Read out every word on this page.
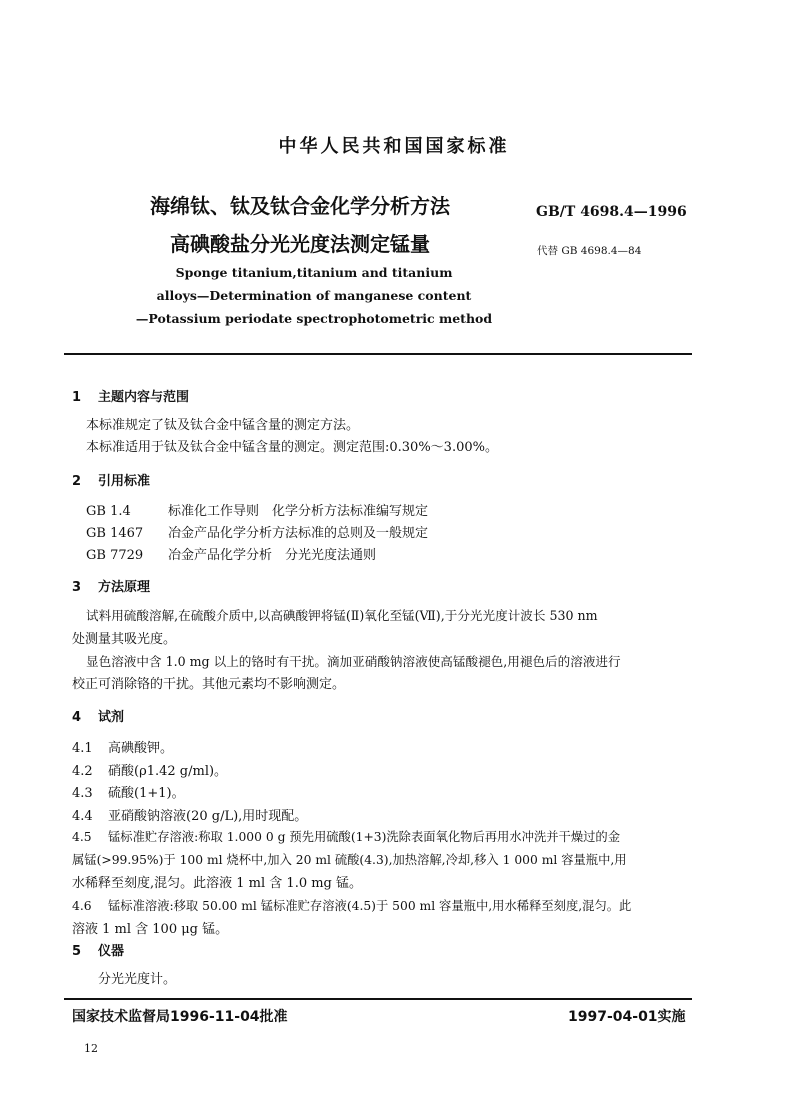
中华人民共和国国家标准
海绵钛、钛及钛合金化学分析方法
高碘酸盐分光光度法测定锰量
GB/T 4698.4—1996
代替 GB 4698.4—84
Sponge titanium,titanium and titanium
alloys—Determination of manganese content
—Potassium periodate spectrophotometric method
1 主题内容与范围
本标准规定了钛及钛合金中锰含量的测定方法。
本标准适用于钛及钛合金中锰含量的测定。测定范围:0.30%～3.00%。
2 引用标准
GB 1.4	标准化工作导则　化学分析方法标准编写规定
GB 1467 冶金产品化学分析方法标准的总则及一般规定
GB 7729 冶金产品化学分析　分光光度法通则
3 方法原理
试料用硫酸溶解,在硫酸介质中,以高碘酸钾将锰(Ⅱ)氧化至锰(Ⅶ),于分光光度计波长 530 nm
处测量其吸光度。
显色溶液中含 1.0 mg 以上的铬时有干扰。滴加亚硝酸钠溶液使高锰酸褪色,用褪色后的溶液进行
校正可消除铬的干扰。其他元素均不影响测定。
4 试剂
4.1 高碘酸钾。
4.2 硝酸(ρ1.42 g/ml)。
4.3 硫酸(1+1)。
4.4 亚硝酸钠溶液(20 g/L),用时现配。
4.5 锰标准贮存溶液:称取 1.000 0 g 预先用硫酸(1+3)洗除表面氧化物后再用水冲洗并干燥过的金
属锰(>99.95%)于 100 ml 烧杯中,加入 20 ml 硫酸(4.3),加热溶解,冷却,移入 1 000 ml 容量瓶中,用
水稀释至刻度,混匀。此溶液 1 ml 含 1.0 mg 锰。
4.6 锰标准溶液:移取 50.00 ml 锰标准贮存溶液(4.5)于 500 ml 容量瓶中,用水稀释至刻度,混匀。此
溶液 1 ml 含 100 μg 锰。
5 仪器
分光光度计。
国家技术监督局1996-11-04批准	1997-04-01实施
12
